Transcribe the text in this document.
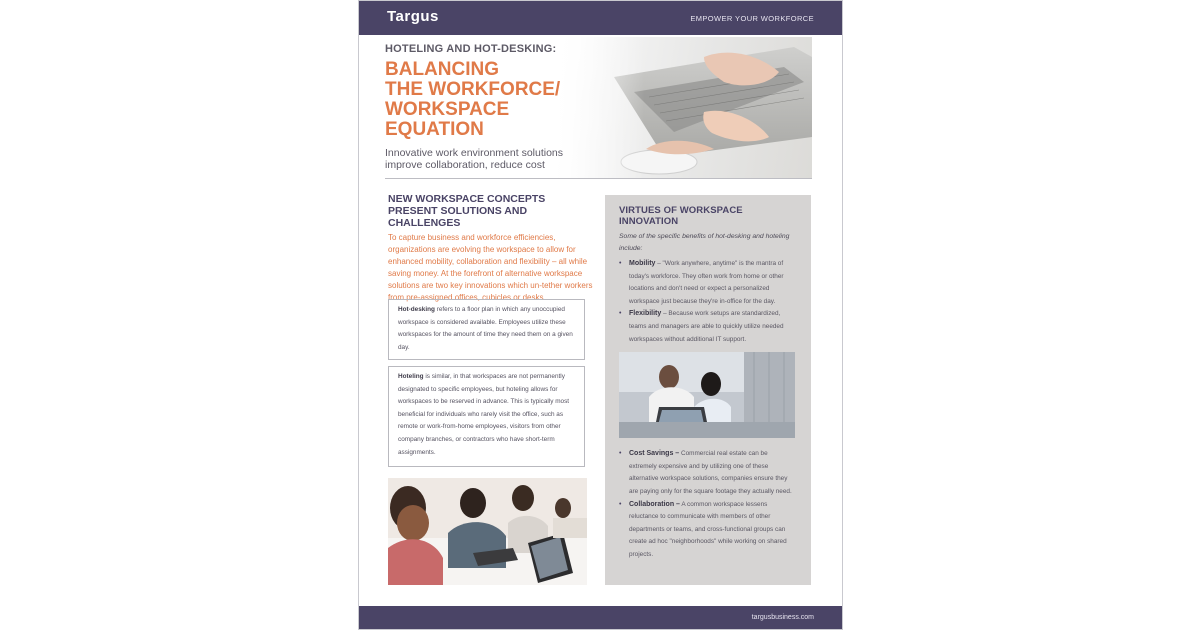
Targus	EMPOWER YOUR WORKFORCE
HOTELING AND HOT-DESKING:
BALANCING
THE WORKFORCE/
WORKSPACE
EQUATION
Innovative work environment solutions improve collaboration, reduce cost
NEW WORKSPACE CONCEPTS PRESENT SOLUTIONS AND CHALLENGES
To capture business and workforce efficiencies, organizations are evolving the workspace to allow for enhanced mobility, collaboration and flexibility – all while saving money. At the forefront of alternative workspace solutions are two key innovations which un-tether workers from pre-assigned offices, cubicles or desks.
Hot-desking refers to a floor plan in which any unoccupied workspace is considered available. Employees utilize these workspaces for the amount of time they need them on a given day.
Hoteling is similar, in that workspaces are not permanently designated to specific employees, but hoteling allows for workspaces to be reserved in advance. This is typically most beneficial for individuals who rarely visit the office, such as remote or work-from-home employees, visitors from other company branches, or contractors who have short-term assignments.
VIRTUES OF WORKSPACE INNOVATION
Some of the specific benefits of hot-desking and hoteling include:
• Mobility – "Work anywhere, anytime" is the mantra of today's workforce. They often work from home or other locations and don't need or expect a personalized workspace just because they're in-office for the day.
• Flexibility – Because work setups are standardized, teams and managers are able to quickly utilize needed workspaces without additional IT support.
• Cost Savings – Commercial real estate can be extremely expensive and by utilizing one of these alternative workspace solutions, companies ensure they are paying only for the square footage they actually need.
• Collaboration – A common workspace lessens reluctance to communicate with members of other departments or teams, and cross-functional groups can create ad hoc "neighborhoods" while working on shared projects.
targusbusiness.com
